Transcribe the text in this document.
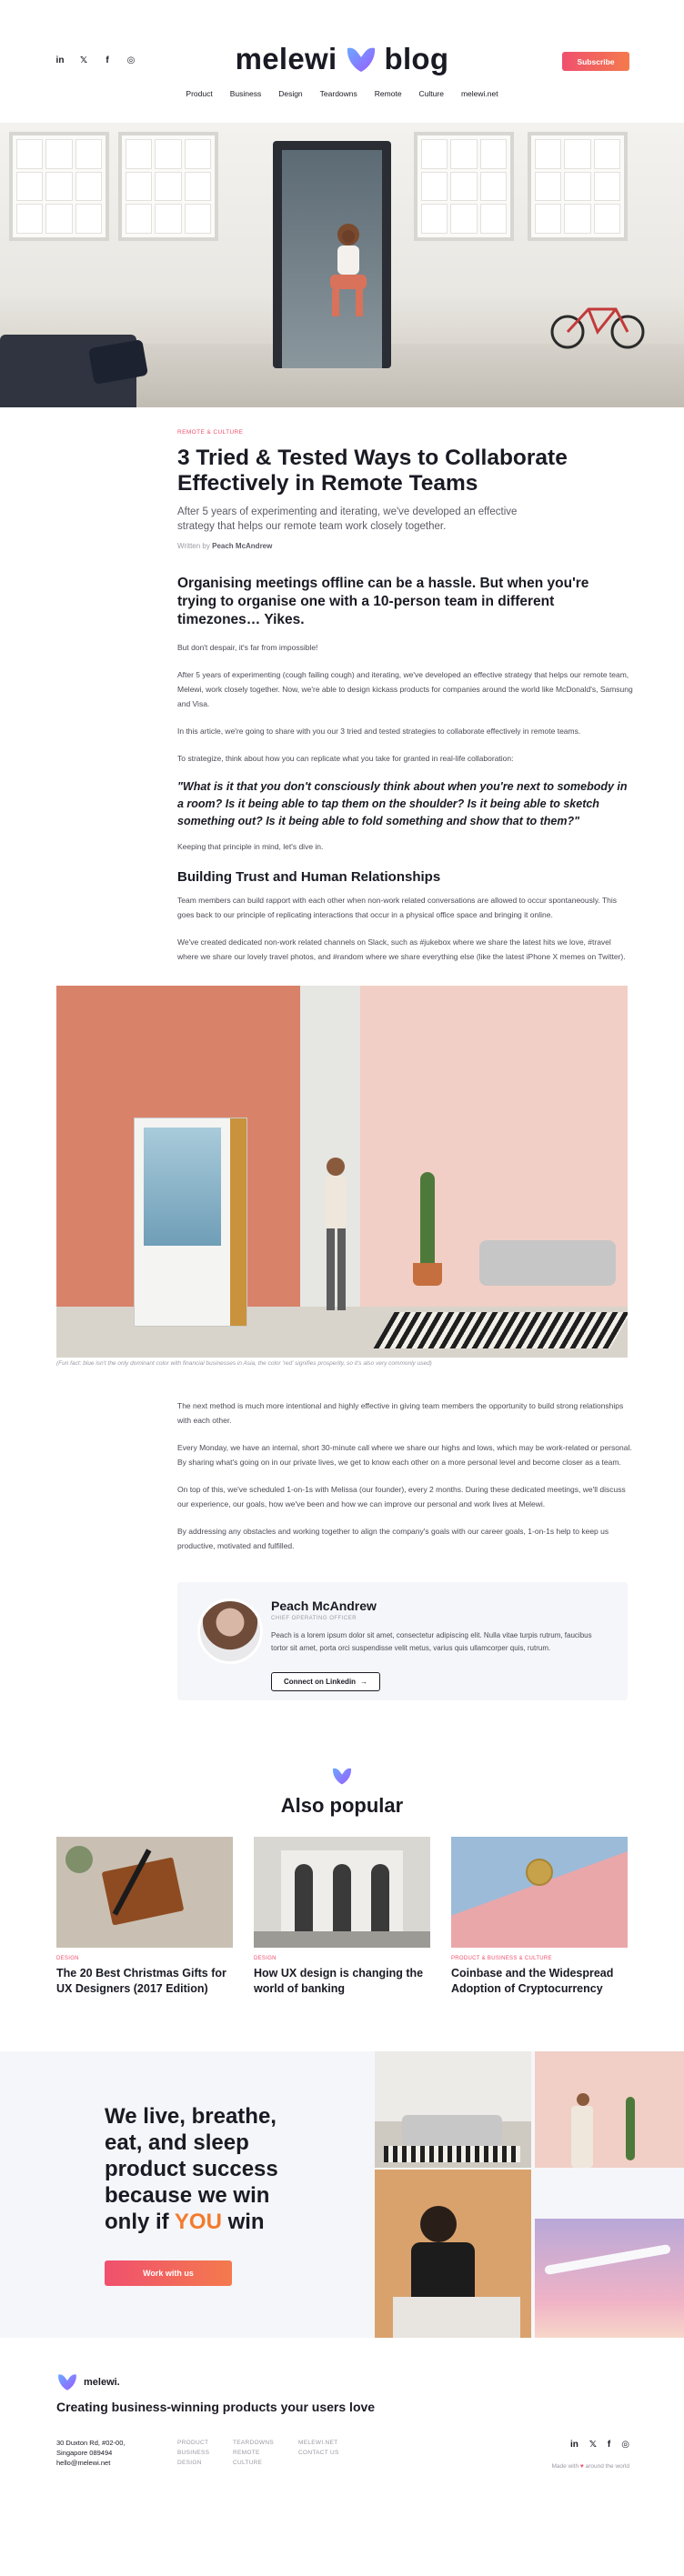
in 𝕏	f	◎	melewi blog	Subscribe
Product Business Design Teardowns Remote Culture melewi.net
REMOTE & CULTURE
3 Tried & Tested Ways to Collaborate Effectively in Remote Teams

After 5 years of experimenting and iterating, we've developed an effective strategy that helps our remote team work closely together.

Written by Peach McAndrew

Organising meetings offline can be a hassle. But when you're trying to organise one with a 10-person team in different timezones… Yikes.

But don't despair, it's far from impossible!

After 5 years of experimenting (cough failing cough) and iterating, we've developed an effective strategy that helps our remote team, Melewi, work closely together. Now, we're able to design kickass products for companies around the world like McDonald's, Samsung and Visa.

In this article, we're going to share with you our 3 tried and tested strategies to collaborate effectively in remote teams.

To strategize, think about how you can replicate what you take for granted in real-life collaboration:

"What is it that you don't consciously think about when you're next to somebody in a room? Is it being able to tap them on the shoulder? Is it being able to sketch something out? Is it being able to fold something and show that to them?"

Keeping that principle in mind, let's dive in.

Building Trust and Human Relationships

Team members can build rapport with each other when non-work related conversations are allowed to occur spontaneously. This goes back to our principle of replicating interactions that occur in a physical office space and bringing it online.

We've created dedicated non-work related channels on Slack, such as #jukebox where we share the latest hits we love, #travel where we share our lovely travel photos, and #random where we share everything else (like the latest iPhone X memes on Twitter).

(Fun fact: blue isn't the only dominant color with financial businesses in Asia, the color 'red' signifies prosperity, so it's also very commonly used)

The next method is much more intentional and highly effective in giving team members the opportunity to build strong relationships with each other.

Every Monday, we have an internal, short 30-minute call where we share our highs and lows, which may be work-related or personal. By sharing what's going on in our private lives, we get to know each other on a more personal level and become closer as a team.

On top of this, we've scheduled 1-on-1s with Melissa (our founder), every 2 months. During these dedicated meetings, we'll discuss our experience, our goals, how we've been and how we can improve our personal and work lives at Melewi.

By addressing any obstacles and working together to align the company's goals with our career goals, 1-on-1s help to keep us productive, motivated and fulfilled.

Peach McAndrew
CHIEF OPERATING OFFICER

Peach is a lorem ipsum dolor sit amet, consectetur adipiscing elit. Nulla vitae turpis rutrum, faucibus tortor sit amet, porta orci suspendisse velit metus, varius quis ullamcorper quis, rutrum.

Connect on Linkedin →
Also popular
DESIGN
The 20 Best Christmas Gifts for UX Designers (2017 Edition)
DESIGN
How UX design is changing the world of banking
PRODUCT & BUSINESS & CULTURE
Coinbase and the Widespread Adoption of Cryptocurrency
We live, breathe, eat, and sleep product success because we win only if YOU win
Work with us
melewi.
Creating business-winning products your users love
30 Duxton Rd, #02-00,
Singapore 089494
hello@melewi.net
PRODUCT
BUSINESS
DESIGN
TEARDOWNS
REMOTE
CULTURE
MELEWI.NET
CONTACT US
in 𝕏 f ◎
Made with ♥ around the world
